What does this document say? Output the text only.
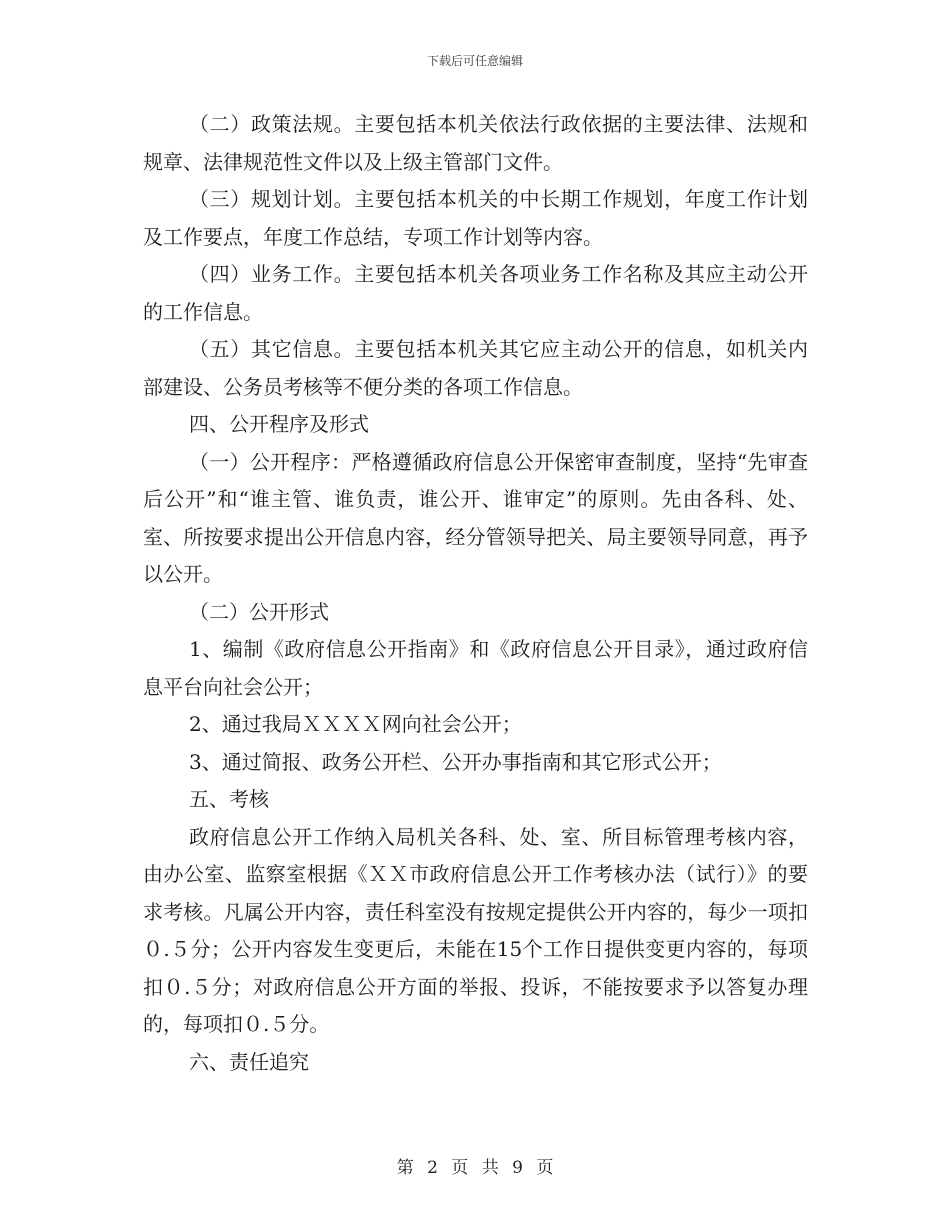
下载后可任意编辑

（二）政策法规。主要包括本机关依法行政依据的主要法律、法规和规章、法律规范性文件以及上级主管部门文件。

（三）规划计划。主要包括本机关的中长期工作规划，年度工作计划及工作要点，年度工作总结，专项工作计划等内容。

（四）业务工作。主要包括本机关各项业务工作名称及其应主动公开的工作信息。

（五）其它信息。主要包括本机关其它应主动公开的信息，如机关内部建设、公务员考核等不便分类的各项工作信息。

四、公开程序及形式

（一）公开程序：严格遵循政府信息公开保密审查制度，坚持“先审查后公开”和“谁主管、谁负责，谁公开、谁审定”的原则。先由各科、处、室、所按要求提出公开信息内容，经分管领导把关、局主要领导同意，再予以公开。

（二）公开形式

1、编制《政府信息公开指南》和《政府信息公开目录》，通过政府信息平台向社会公开；

2、通过我局ＸＸＸＸ网向社会公开；

3、通过简报、政务公开栏、公开办事指南和其它形式公开；

五、考核

政府信息公开工作纳入局机关各科、处、室、所目标管理考核内容，由办公室、监察室根据《ＸＸ市政府信息公开工作考核办法（试行）》的要求考核。凡属公开内容，责任科室没有按规定提供公开内容的，每少一项扣０.５分；公开内容发生变更后，未能在15个工作日提供变更内容的，每项扣０.５分；对政府信息公开方面的举报、投诉，不能按要求予以答复办理的，每项扣０.５分。

六、责任追究

第 2 页 共 9 页
